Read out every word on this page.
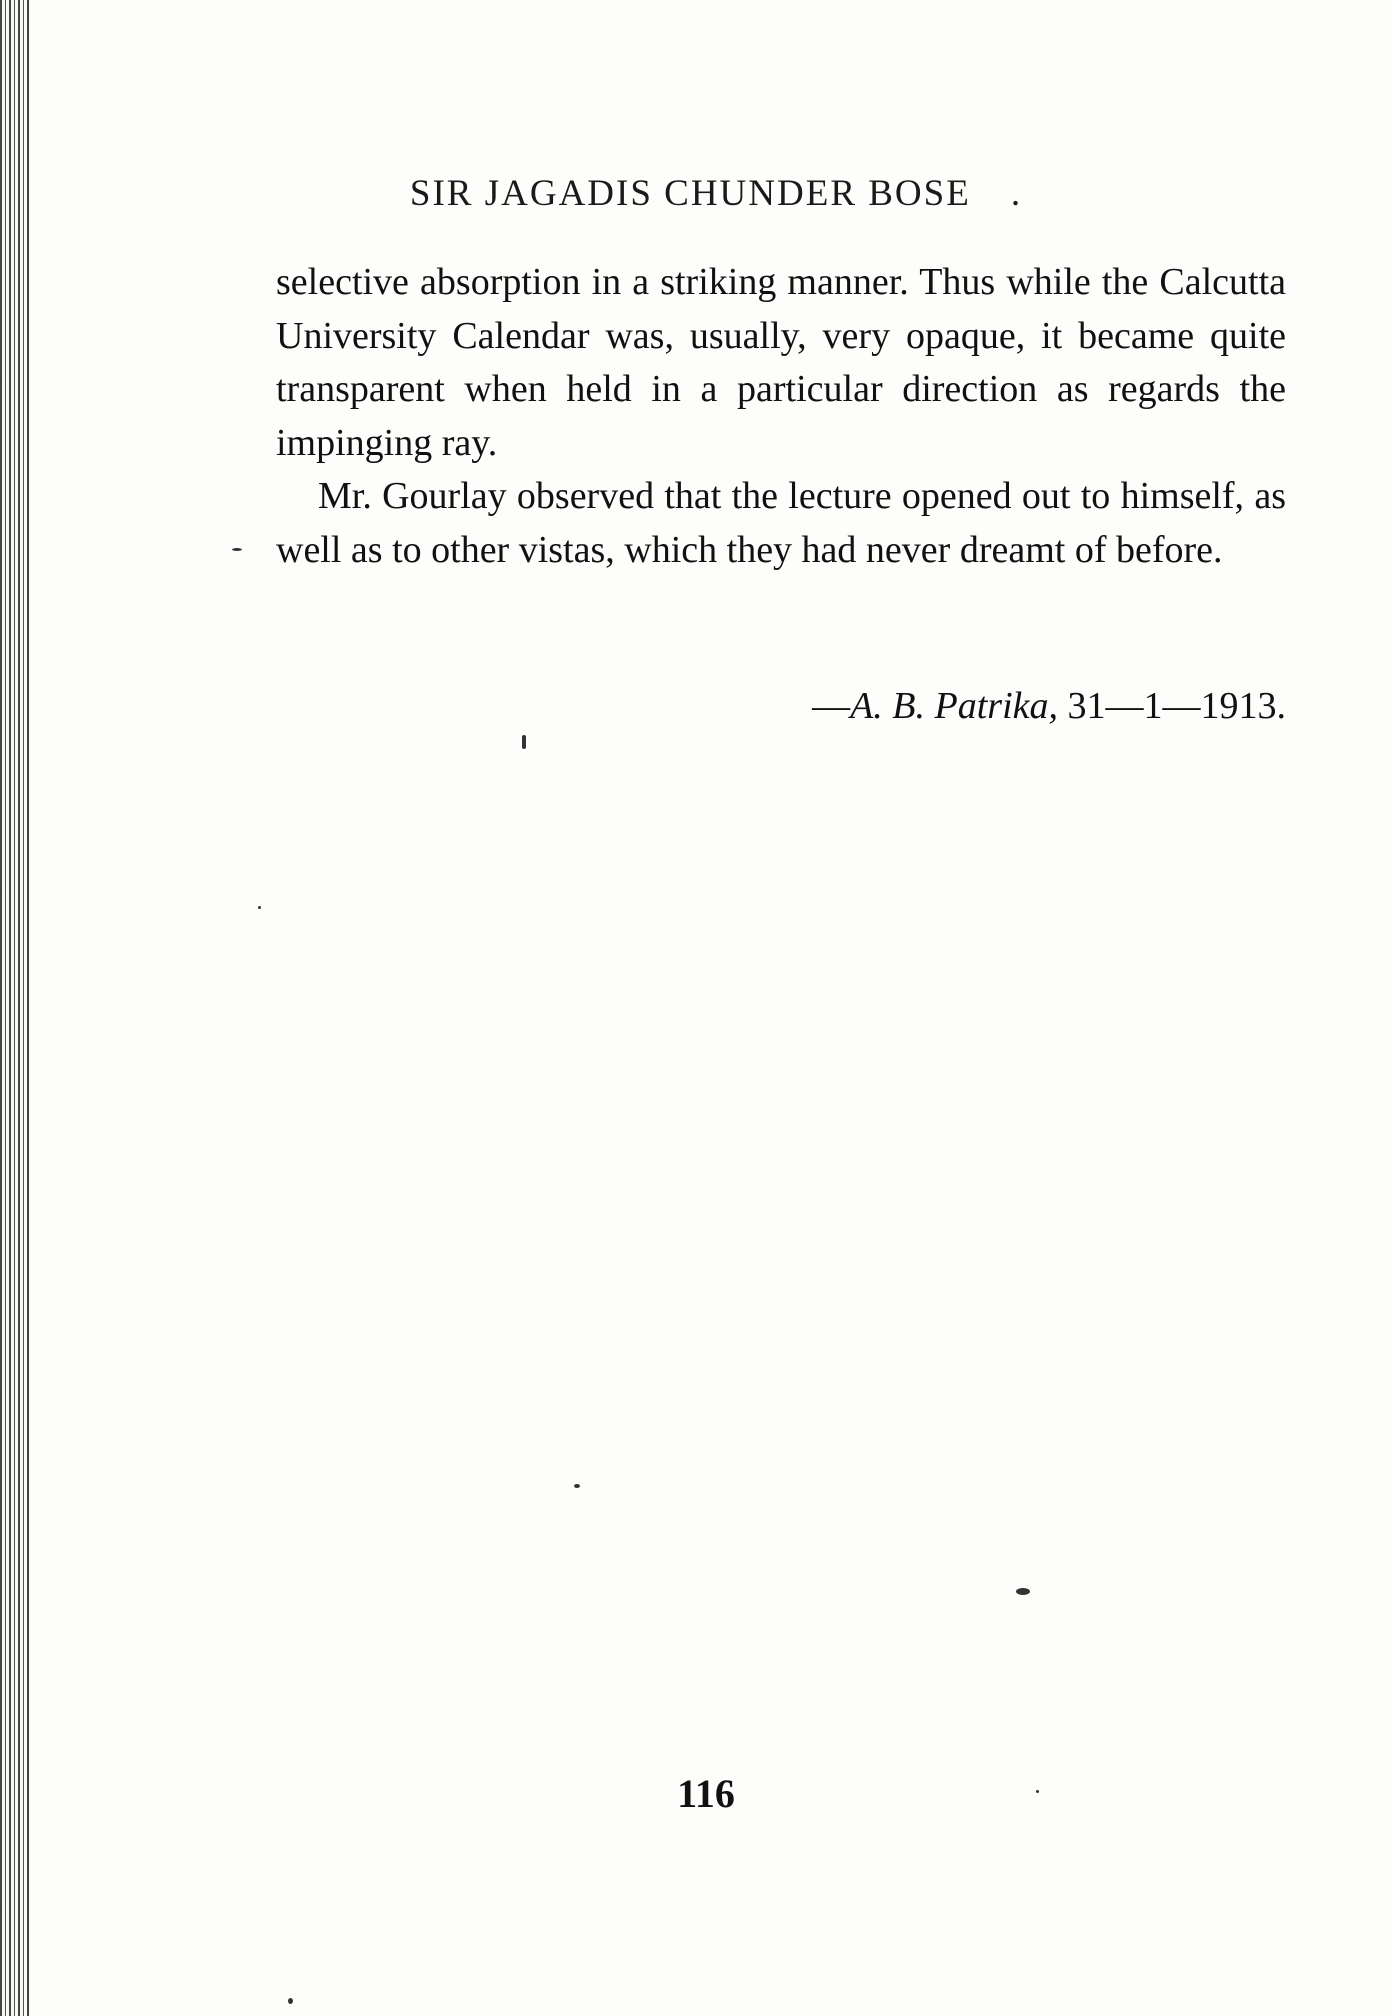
SIR JAGADIS CHUNDER BOSE .

selective absorption in a striking manner. Thus while the Calcutta University Calendar was, usually, very opaque, it became quite transparent when held in a particular direction as regards the impinging ray.

Mr. Gourlay observed that the lecture opened out to himself, as well as to other vistas, which they had never dreamt of before.

—A. B. Patrika, 31—1—1913.
116
